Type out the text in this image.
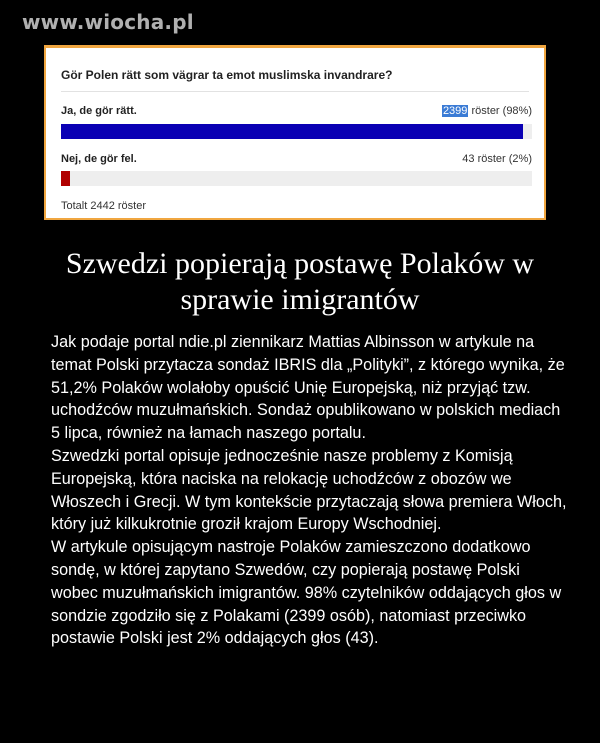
www.wiocha.pl
Gör Polen rätt som vägrar ta emot muslimska invandrare?
Ja, de gör rätt.	2399 röster (98%)
Nej, de gör fel.	43 röster (2%)
Totalt 2442 röster
Szwedzi popierają postawę Polaków w sprawie imigrantów

Jak podaje portal ndie.pl ziennikarz Mattias Albinsson w artykule na temat Polski przytacza sondaż IBRIS dla „Polityki”, z którego wynika, że 51,2% Polaków wolałoby opuścić Unię Europejską, niż przyjąć tzw. uchodźców muzułmańskich. Sondaż opublikowano w polskich mediach 5 lipca, również na łamach naszego portalu.

Szwedzki portal opisuje jednocześnie nasze problemy z Komisją Europejską, która naciska na relokację uchodźców z obozów we Włoszech i Grecji. W tym kontekście przytaczają słowa premiera Włoch, który już kilkukrotnie groził krajom Europy Wschodniej.

W artykule opisującym nastroje Polaków zamieszczono dodatkowo sondę, w której zapytano Szwedów, czy popierają postawę Polski wobec muzułmańskich imigrantów. 98% czytelników oddających głos w sondzie zgodziło się z Polakami (2399 osób), natomiast przeciwko postawie Polski jest 2% oddających głos (43).
